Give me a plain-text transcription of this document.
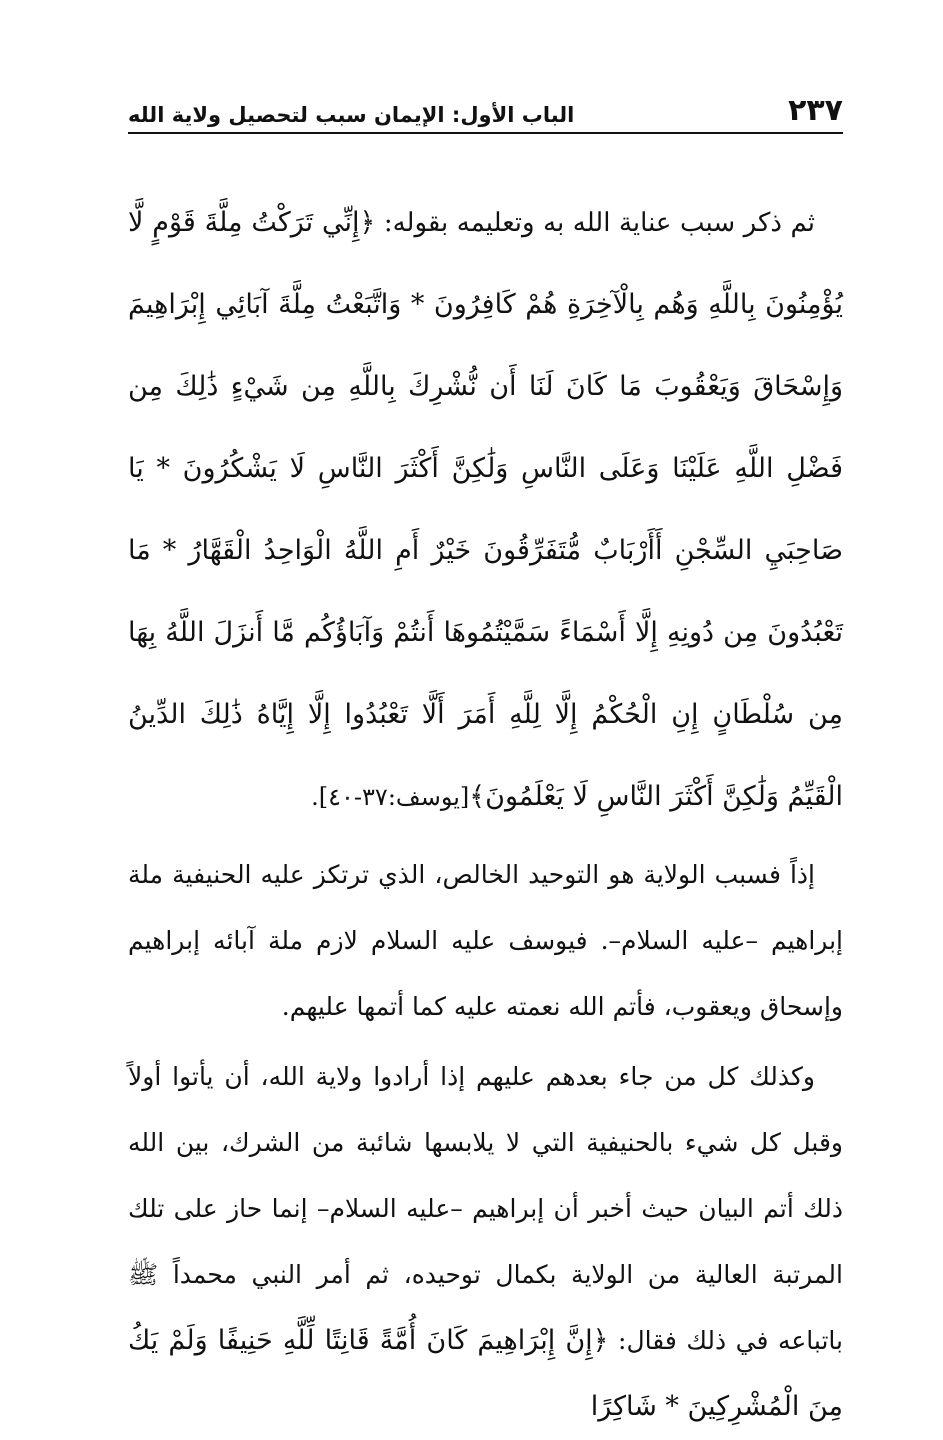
٢٣٧
الباب الأول: الإيمان سبب لتحصيل ولاية الله

ثم ذكر سبب عناية الله به وتعليمه بقوله: ﴿إِنِّي تَرَكْتُ مِلَّةَ قَوْمٍ لَّا يُؤْمِنُونَ بِاللَّهِ وَهُم بِالْآخِرَةِ هُمْ كَافِرُونَ * وَاتَّبَعْتُ مِلَّةَ آبَائِي إِبْرَاهِيمَ وَإِسْحَاقَ وَيَعْقُوبَ مَا كَانَ لَنَا أَن نُّشْرِكَ بِاللَّهِ مِن شَيْءٍ ذَٰلِكَ مِن فَضْلِ اللَّهِ عَلَيْنَا وَعَلَى النَّاسِ وَلَٰكِنَّ أَكْثَرَ النَّاسِ لَا يَشْكُرُونَ * يَا صَاحِبَيِ السِّجْنِ أَأَرْبَابٌ مُّتَفَرِّقُونَ خَيْرٌ أَمِ اللَّهُ الْوَاحِدُ الْقَهَّارُ * مَا تَعْبُدُونَ مِن دُونِهِ إِلَّا أَسْمَاءً سَمَّيْتُمُوهَا أَنتُمْ وَآبَاؤُكُم مَّا أَنزَلَ اللَّهُ بِهَا مِن سُلْطَانٍ إِنِ الْحُكْمُ إِلَّا لِلَّهِ أَمَرَ أَلَّا تَعْبُدُوا إِلَّا إِيَّاهُ ذَٰلِكَ الدِّينُ الْقَيِّمُ وَلَٰكِنَّ أَكْثَرَ النَّاسِ لَا يَعْلَمُونَ﴾[يوسف:٣٧-٤٠].

إذاً فسبب الولاية هو التوحيد الخالص، الذي ترتكز عليه الحنيفية ملة إبراهيم –عليه السلام–. فيوسف عليه السلام لازم ملة آبائه إبراهيم وإسحاق ويعقوب، فأتم الله نعمته عليه كما أتمها عليهم.

وكذلك كل من جاء بعدهم عليهم إذا أرادوا ولاية الله، أن يأتوا أولاً وقبل كل شيء بالحنيفية التي لا يلابسها شائبة من الشرك، بين الله ذلك أتم البيان حيث أخبر أن إبراهيم –عليه السلام– إنما حاز على تلك المرتبة العالية من الولاية بكمال توحيده، ثم أمر النبي محمداً ﷺ باتباعه في ذلك فقال: ﴿إِنَّ إِبْرَاهِيمَ كَانَ أُمَّةً قَانِتًا لِّلَّهِ حَنِيفًا وَلَمْ يَكُ مِنَ الْمُشْرِكِينَ * شَاكِرًا
